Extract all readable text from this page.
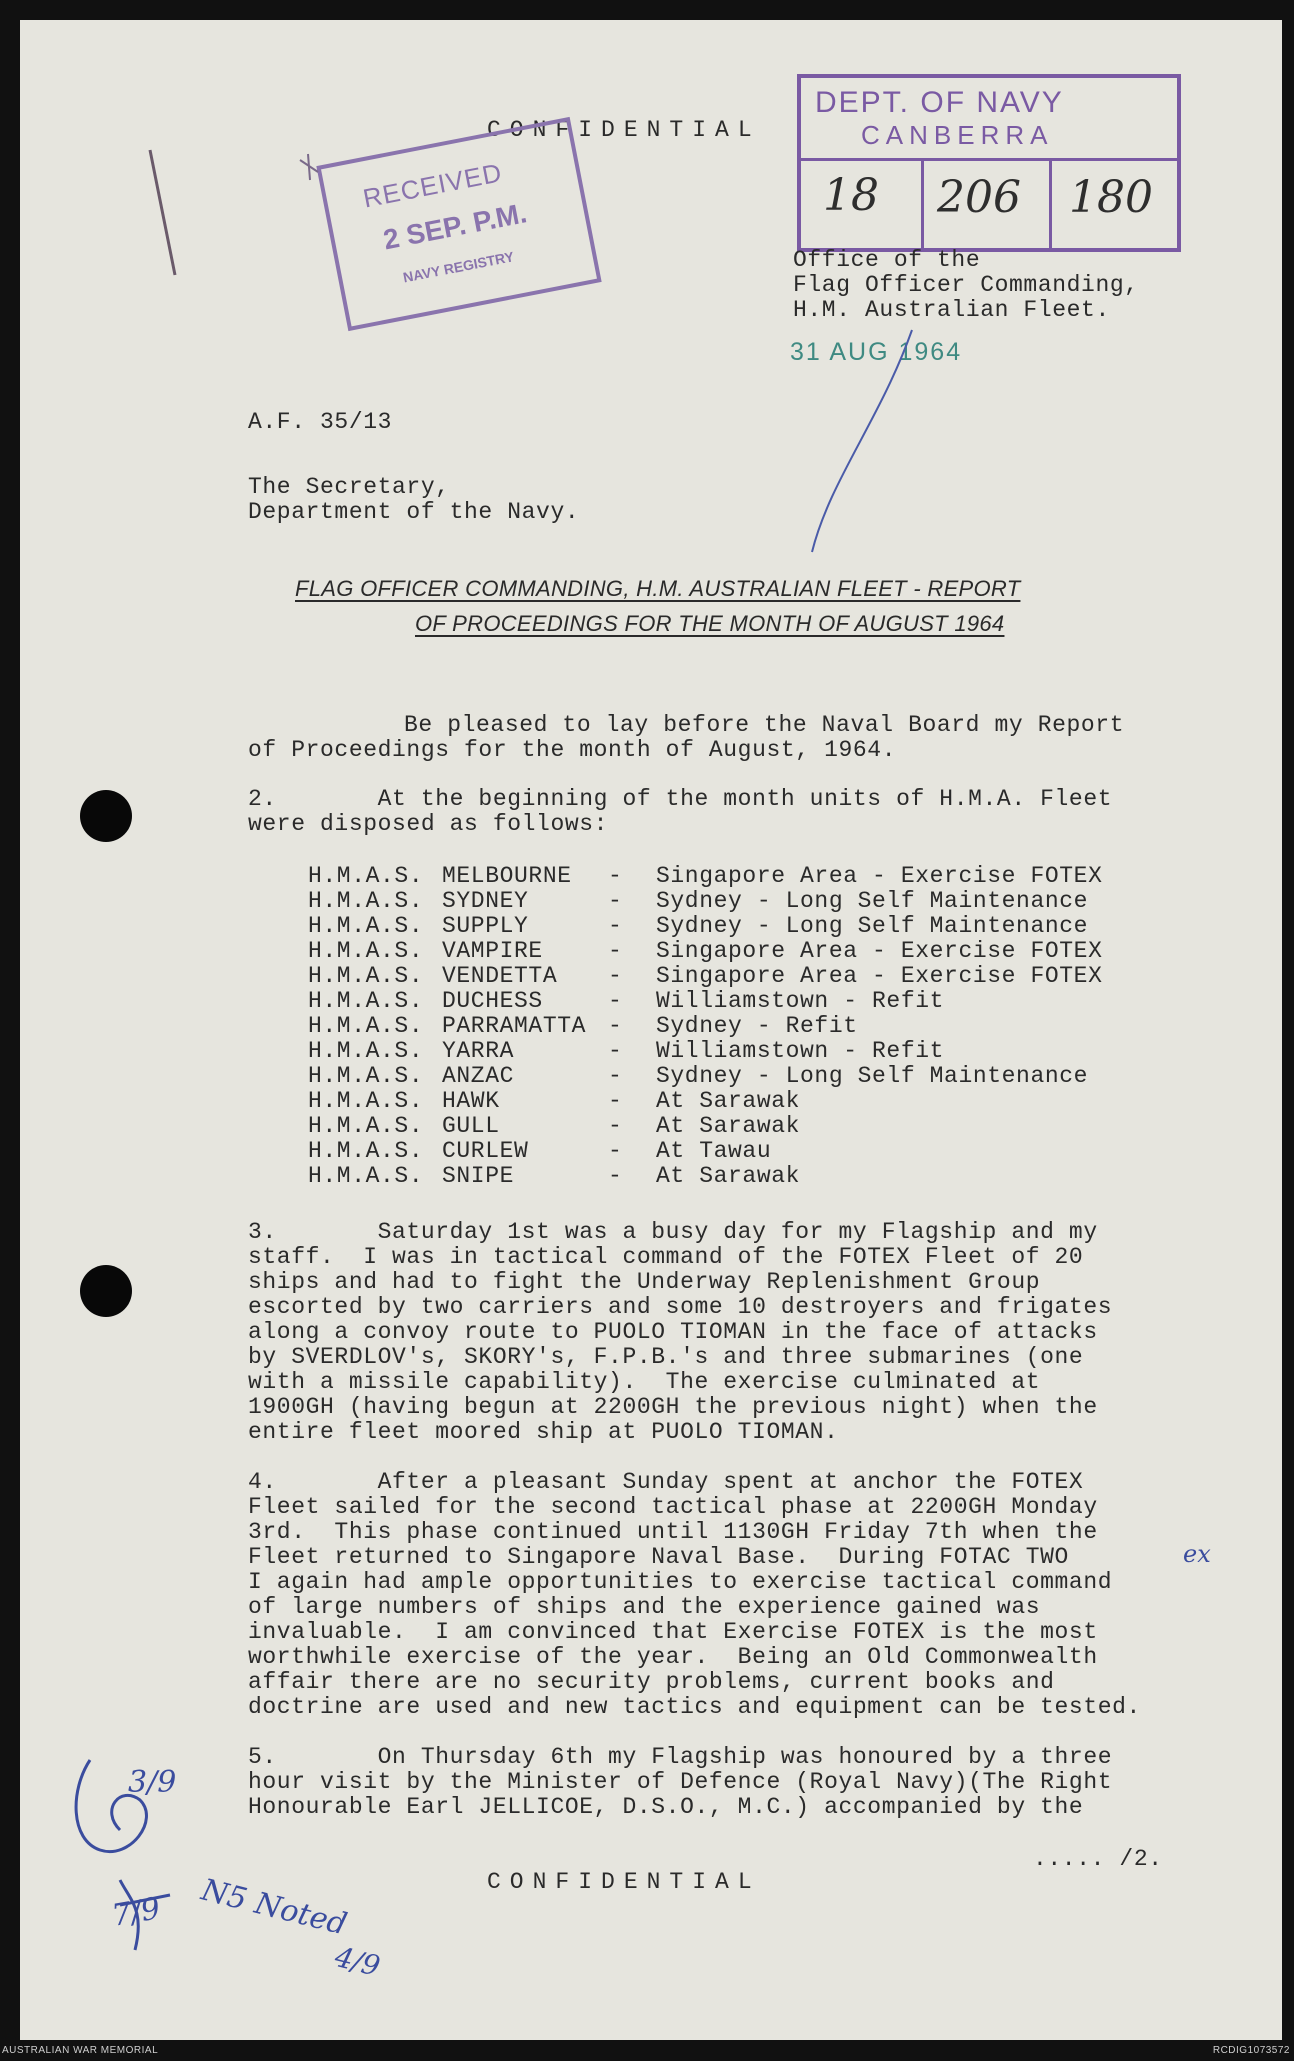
CONFIDENTIAL
RECEIVED
2 SEP. P.M.
NAVY REGISTRY
DEPT. OF NAVY
CANBERRA
18 206 180
Office of the
Flag Officer Commanding,
H.M. Australian Fleet.
31 AUG 1964
A.F. 35/13
The Secretary,
Department of the Navy.
FLAG OFFICER COMMANDING, H.M. AUSTRALIAN FLEET - REPORT
OF PROCEEDINGS FOR THE MONTH OF AUGUST 1964
Be pleased to lay before the Naval Board my Report
of Proceedings for the month of August, 1964.
2.       At the beginning of the month units of H.M.A. Fleet
were disposed as follows:
H.M.A.S. MELBOURNE - Singapore Area - Exercise FOTEX
H.M.A.S. SYDNEY	- Sydney - Long Self Maintenance
H.M.A.S. SUPPLY	- Sydney - Long Self Maintenance
H.M.A.S. VAMPIRE	- Singapore Area - Exercise FOTEX
H.M.A.S. VENDETTA - Singapore Area - Exercise FOTEX
H.M.A.S. DUCHESS	- Williamstown - Refit
H.M.A.S. PARRAMATTA - Sydney - Refit
H.M.A.S. YARRA	- Williamstown - Refit
H.M.A.S. ANZAC	- Sydney - Long Self Maintenance
H.M.A.S. HAWK	- At Sarawak
H.M.A.S. GULL	- At Sarawak
H.M.A.S. CURLEW	- At Tawau
H.M.A.S. SNIPE	- At Sarawak
3.       Saturday 1st was a busy day for my Flagship and my
staff.  I was in tactical command of the FOTEX Fleet of 20
ships and had to fight the Underway Replenishment Group
escorted by two carriers and some 10 destroyers and frigates
along a convoy route to PUOLO TIOMAN in the face of attacks
by SVERDLOV's, SKORY's, F.P.B.'s and three submarines (one
with a missile capability).  The exercise culminated at
1900GH (having begun at 2200GH the previous night) when the
entire fleet moored ship at PUOLO TIOMAN.
4.       After a pleasant Sunday spent at anchor the FOTEX
Fleet sailed for the second tactical phase at 2200GH Monday
3rd.  This phase continued until 1130GH Friday 7th when the
Fleet returned to Singapore Naval Base.  During FOTAC TWO
I again had ample opportunities to exercise tactical command
of large numbers of ships and the experience gained was
invaluable.  I am convinced that Exercise FOTEX is the most
worthwhile exercise of the year.  Being an Old Commonwealth
affair there are no security problems, current books and
doctrine are used and new tactics and equipment can be tested.
ex
5.       On Thursday 6th my Flagship was honoured by a three
hour visit by the Minister of Defence (Royal Navy)(The Right
Honourable Earl JELLICOE, D.S.O., M.C.) accompanied by the
..... /2.
CONFIDENTIAL
3/9
7/9 N5 Noted
4/9
AUSTRALIAN WAR MEMORIAL	RCDIG1073572
